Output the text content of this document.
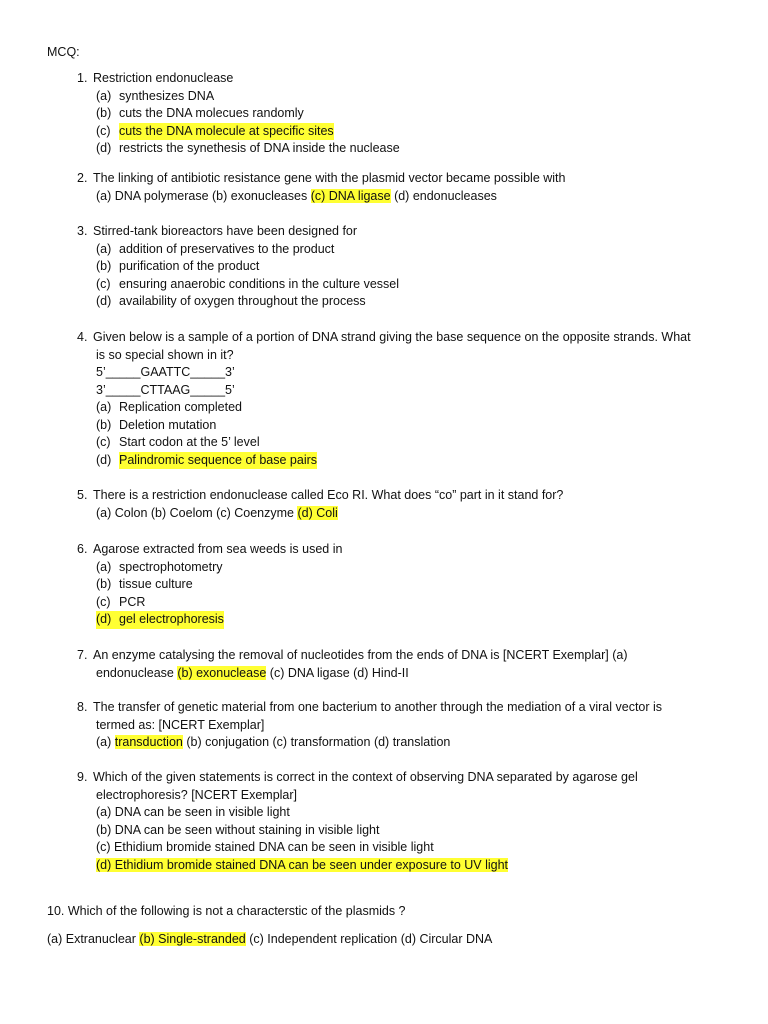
MCQ:
1. Restriction endonuclease
(a) synthesizes DNA
(b) cuts the DNA molecues randomly
(c) cuts the DNA molecule at specific sites
(d) restricts the synethesis of DNA inside the nuclease
2. The linking of antibiotic resistance gene with the plasmid vector became possible with
(a) DNA polymerase (b) exonucleases (c) DNA ligase (d) endonucleases
3. Stirred-tank bioreactors have been designed for
(a) addition of preservatives to the product
(b) purification of the product
(c) ensuring anaerobic conditions in the culture vessel
(d) availability of oxygen throughout the process
4. Given below is a sample of a portion of DNA strand giving the base sequence on the opposite strands. What
is so special shown in it?
5’_____GAATTC_____3’
3’_____CTTAAG_____5’
(a) Replication completed
(b) Deletion mutation
(c) Start codon at the 5’ level
(d) Palindromic sequence of base pairs
5. There is a restriction endonuclease called Eco RI. What does “co” part in it stand for?
(a) Colon (b) Coelom (c) Coenzyme (d) Coli
6. Agarose extracted from sea weeds is used in
(a) spectrophotometry
(b) tissue culture
(c) PCR
(d) gel electrophoresis
7. An enzyme catalysing the removal of nucleotides from the ends of DNA is [NCERT Exemplar] (a)
endonuclease (b) exonuclease (c) DNA ligase (d) Hind-II
8. The transfer of genetic material from one bacterium to another through the mediation of a viral vector is
termed as: [NCERT Exemplar]
(a) transduction (b) conjugation (c) transformation (d) translation
9. Which of the given statements is correct in the context of observing DNA separated by agarose gel
electrophoresis? [NCERT Exemplar]
(a) DNA can be seen in visible light
(b) DNA can be seen without staining in visible light
(c) Ethidium bromide stained DNA can be seen in visible light
(d) Ethidium bromide stained DNA can be seen under exposure to UV light
10. Which of the following is not a characterstic of the plasmids ?
(a) Extranuclear (b) Single-stranded (c) Independent replication (d) Circular DNA
